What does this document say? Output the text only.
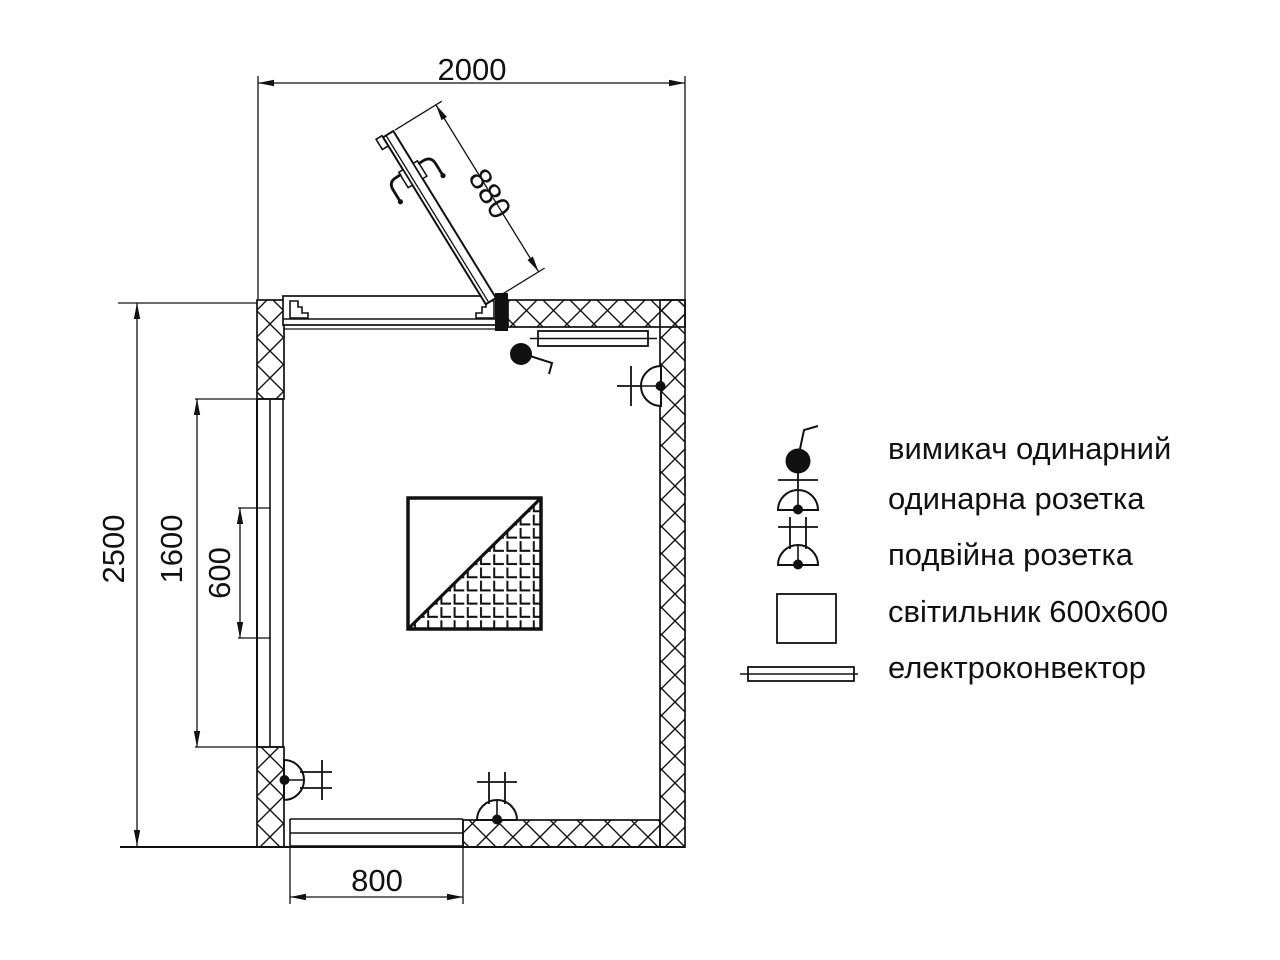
880
2000
2500 1600 600
800
вимикач одинарний
одинарна розетка
подвійна розетка
світильник 600х600
електроконвектор
